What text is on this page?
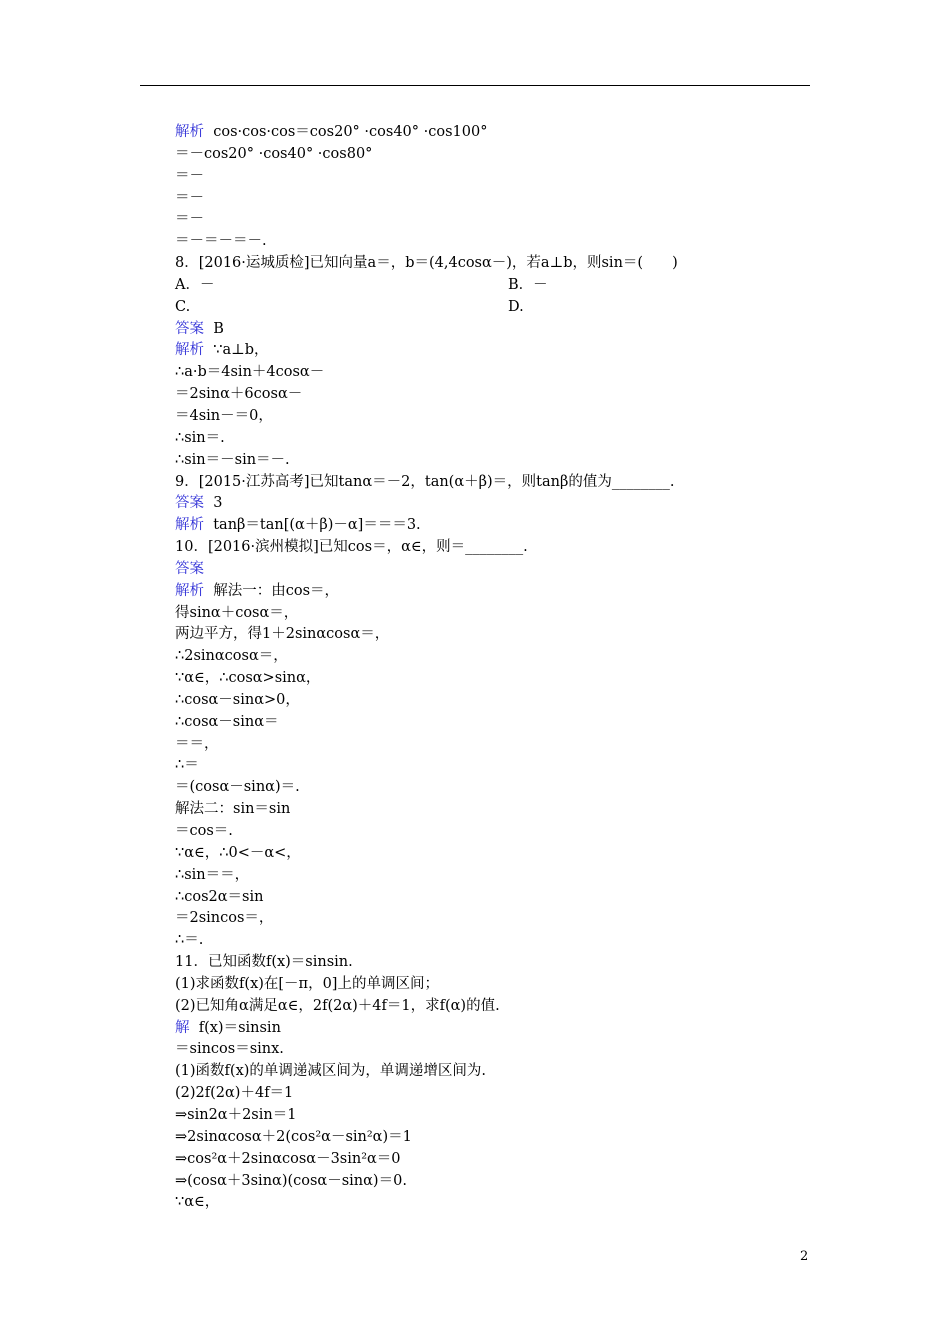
解析  cos·cos·cos＝cos20° ·cos40° ·cos100°
＝－cos20° ·cos40° ·cos80°
＝－
＝－
＝－
＝－＝－＝－.
8．[2016·运城质检]已知向量a＝，b＝(4,4cosα－)，若a⊥b，则sin＝(　　)
A．－	B．－
C.	D.
答案  B
解析  ∵a⊥b，
∴a·b＝4sin＋4cosα－
＝2sinα＋6cosα－
＝4sin－＝0，
∴sin＝.
∴sin＝－sin＝－.
9．[2015·江苏高考]已知tanα＝－2，tan(α＋β)＝，则tanβ的值为________.
答案  3
解析  tanβ＝tan[(α＋β)－α]＝＝＝3.
10．[2016·滨州模拟]已知cos＝，α∈，则＝________.
答案
解析  解法一：由cos＝，
得sinα＋cosα＝，
两边平方，得1＋2sinαcosα＝，
∴2sinαcosα＝，
∵α∈，∴cosα>sinα，
∴cosα－sinα>0，
∴cosα－sinα＝
＝＝，
∴＝
＝(cosα－sinα)＝.
解法二：sin＝sin
＝cos＝.
∵α∈，∴0<－α<，
∴sin＝＝，
∴cos2α＝sin
＝2sincos＝，
∴＝.
11．已知函数f(x)＝sinsin.
(1)求函数f(x)在[－π，0]上的单调区间；
(2)已知角α满足α∈，2f(2α)＋4f＝1，求f(α)的值.
解  f(x)＝sinsin
＝sincos＝sinx.
(1)函数f(x)的单调递减区间为，单调递增区间为.
(2)2f(2α)＋4f＝1
⇒sin2α＋2sin＝1
⇒2sinαcosα＋2(cos²α－sin²α)＝1
⇒cos²α＋2sinαcosα－3sin²α＝0
⇒(cosα＋3sinα)(cosα－sinα)＝0.
∵α∈，
2
